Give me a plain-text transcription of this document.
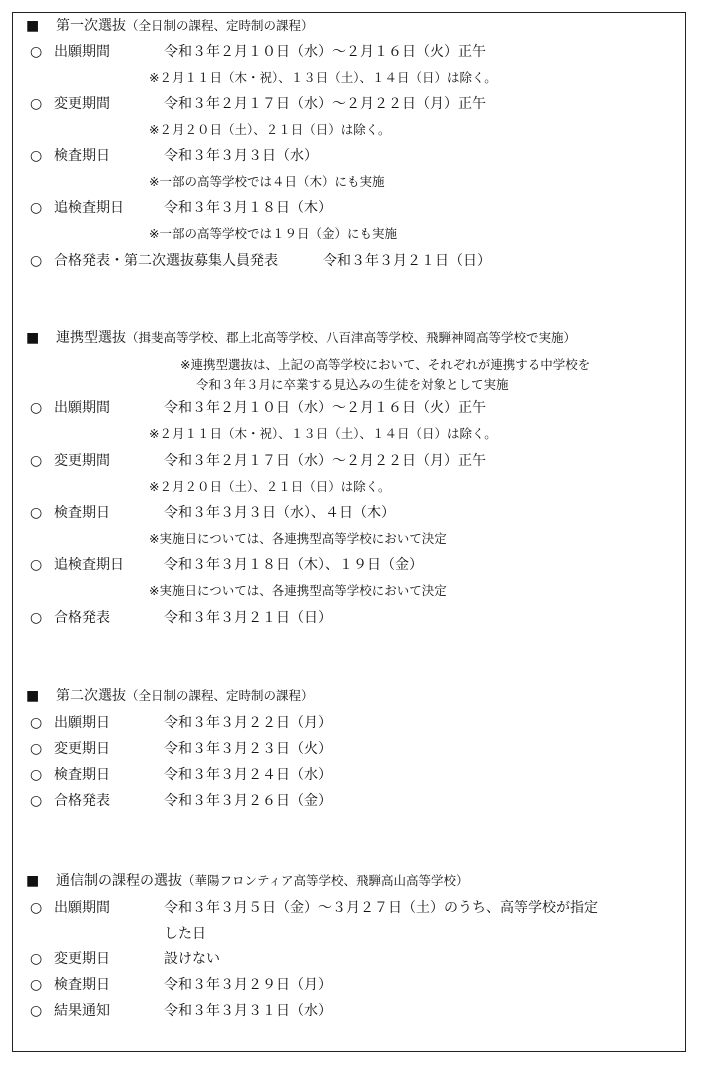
■ 第一次選抜（全日制の課程、定時制の課程）
○ 出願期間	令和３年２月１０日（水）～２月１６日（火）正午
※２月１１日（木・祝）、１３日（土）、１４日（日）は除く。
○ 変更期間	令和３年２月１７日（水）～２月２２日（月）正午
※２月２０日（土）、２１日（日）は除く。
○ 検査期日	令和３年３月３日（水）
※一部の高等学校では４日（木）にも実施
○ 追検査期日	令和３年３月１８日（木）
※一部の高等学校では１９日（金）にも実施
○ 合格発表・第二次選抜募集人員発表	令和３年３月２１日（日）
■ 連携型選抜（揖斐高等学校、郡上北高等学校、八百津高等学校、飛騨神岡高等学校で実施）
※連携型選抜は、上記の高等学校において、それぞれが連携する中学校を
令和３年３月に卒業する見込みの生徒を対象として実施
○ 出願期間	令和３年２月１０日（水）～２月１６日（火）正午
※２月１１日（木・祝）、１３日（土）、１４日（日）は除く。
○ 変更期間	令和３年２月１７日（水）～２月２２日（月）正午
※２月２０日（土）、２１日（日）は除く。
○ 検査期日	令和３年３月３日（水）、４日（木）
※実施日については、各連携型高等学校において決定
○ 追検査期日	令和３年３月１８日（木）、１９日（金）
※実施日については、各連携型高等学校において決定
○ 合格発表	令和３年３月２１日（日）
■ 第二次選抜（全日制の課程、定時制の課程）
○ 出願期日	令和３年３月２２日（月）
○ 変更期日	令和３年３月２３日（火）
○ 検査期日	令和３年３月２４日（水）
○ 合格発表	令和３年３月２６日（金）
■ 通信制の課程の選抜（華陽フロンティア高等学校、飛騨高山高等学校）
○ 出願期間	令和３年３月５日（金）～３月２７日（土）のうち、高等学校が指定
した日
○ 変更期日	設けない
○ 検査期日	令和３年３月２９日（月）
○ 結果通知	令和３年３月３１日（水）
